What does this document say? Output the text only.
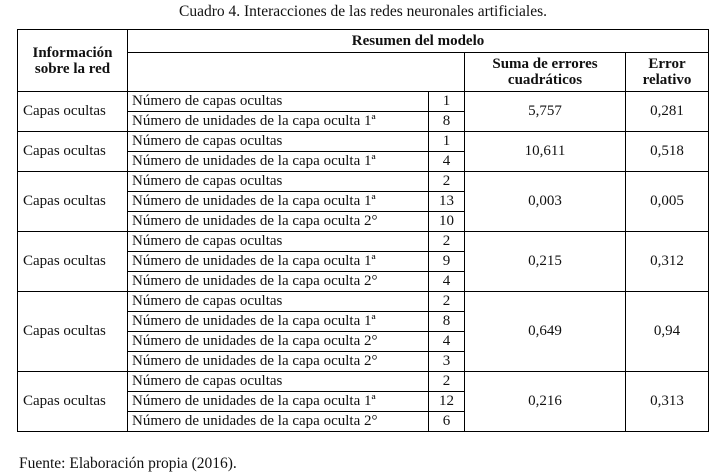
Cuadro 4. Interacciones de las redes neuronales artificiales.
Información sobre la red	Resumen del modelo			
			Suma de errores cuadráticos	Error relativo
Capas ocultas	Número de capas ocultas	1	5,757	0,281
	Número de unidades de la capa oculta 1ª	8		
Capas ocultas	Número de capas ocultas	1	10,611	0,518
	Número de unidades de la capa oculta 1ª	4		
Capas ocultas	Número de capas ocultas	2	0,003	0,005
	Número de unidades de la capa oculta 1ª	13		
	Número de unidades de la capa oculta 2°	10		
Capas ocultas	Número de capas ocultas	2	0,215	0,312
	Número de unidades de la capa oculta 1ª	9		
	Número de unidades de la capa oculta 2°	4		
Capas ocultas	Número de capas ocultas	2	0,649	0,94
	Número de unidades de la capa oculta 1ª	8		
	Número de unidades de la capa oculta 2°	4		
	Número de unidades de la capa oculta 2°	3		
Capas ocultas	Número de capas ocultas	2	0,216	0,313
	Número de unidades de la capa oculta 1ª	12		
	Número de unidades de la capa oculta 2°	6		
Fuente: Elaboración propia (2016).
